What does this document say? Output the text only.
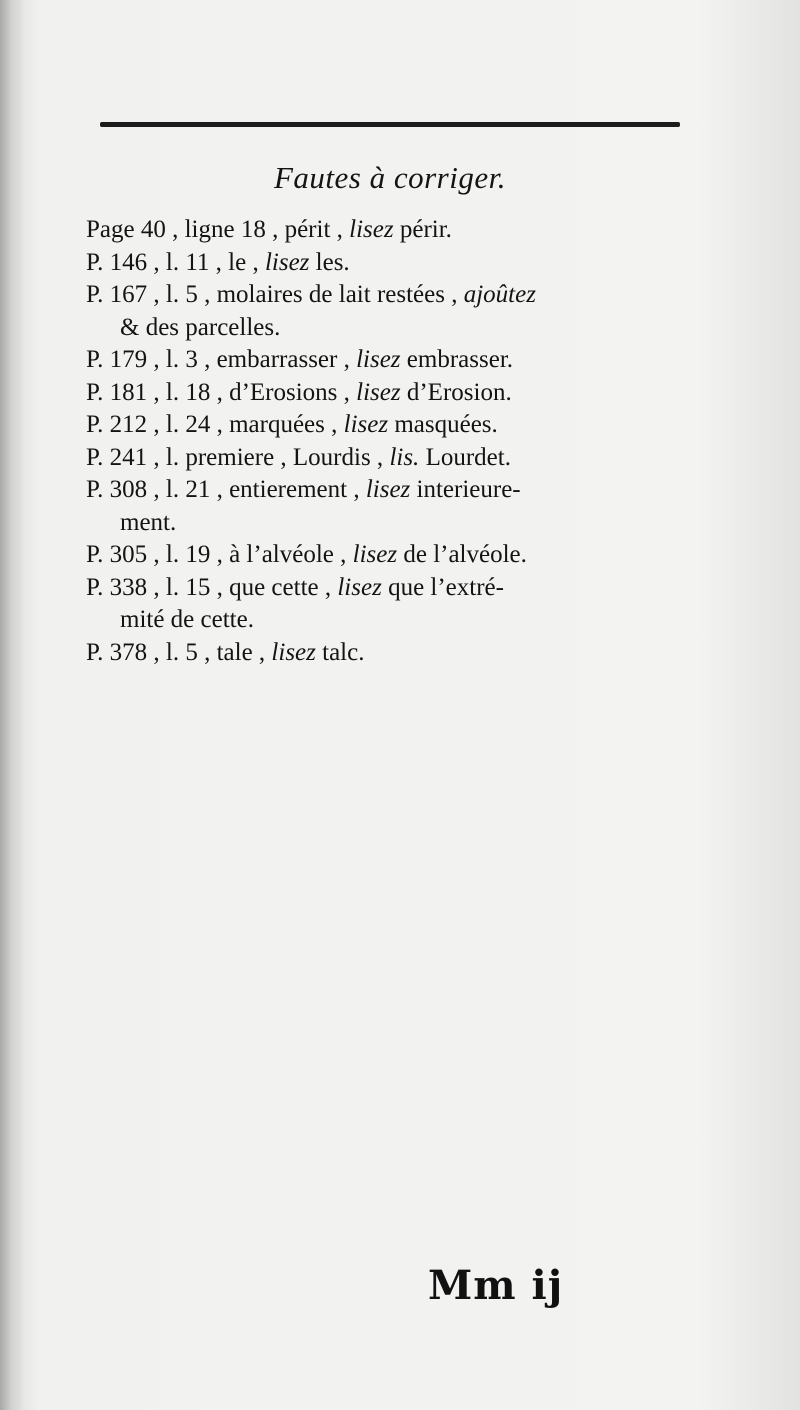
Fautes à corriger.
Page 40 , ligne 18 , périt , lisez périr.
P. 146 , l. 11 , le , lisez les.
P. 167 , l. 5 , molaires de lait restées , ajoûtez
& des parcelles.
P. 179 , l. 3 , embarrasser , lisez embrasser.
P. 181 , l. 18 , d’Erosions , lisez d’Erosion.
P. 212 , l. 24 , marquées , lisez masquées.
P. 241 , l. premiere , Lourdis , lis. Lourdet.
P. 308 , l. 21 , entierement , lisez interieure-
ment.
P. 305 , l. 19 , à l’alvéole , lisez de l’alvéole.
P. 338 , l. 15 , que cette , lisez que l’extré-
mité de cette.
P. 378 , l. 5 , tale , lisez talc.
Mm ij
